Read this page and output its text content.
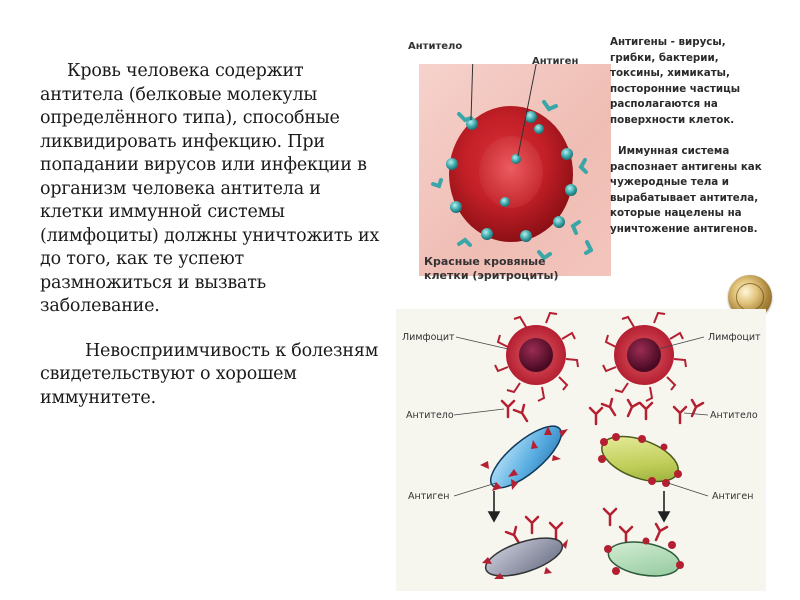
Кровь человека содержит антитела (белковые молекулы определённого типа), способные ликвидировать инфекцию. При попадании вирусов или инфекции в организм человека антитела и клетки иммунной системы (лимфоциты) должны уничтожить их до того, как те успеют размножиться и вызвать заболевание.

Невосприимчивость к болезням свидетельствуют о хорошем иммунитете.

Антитело
Антиген
Красные кровяные
клетки (эритроциты)

Антигены - вирусы, грибки, бактерии, токсины, химикаты, посторонние частицы располагаются на поверхности клеток.

Иммунная система распознает антигены как чужеродные тела и вырабатывает антитела, которые нацелены на уничтожение антигенов.

Лимфоцит
Антитело
Антиген
Лимфоцит
Антитело
Антиген
